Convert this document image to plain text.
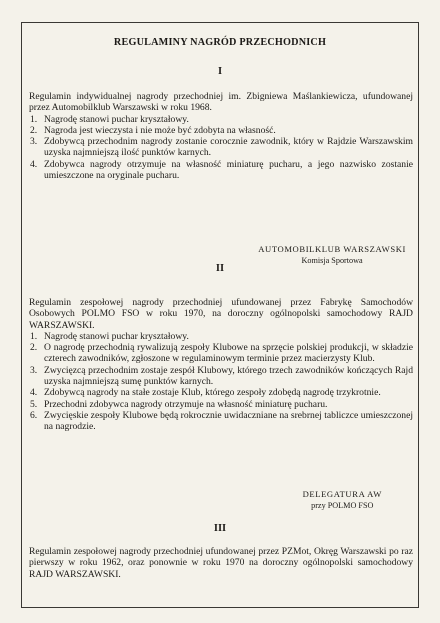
REGULAMINY NAGRÓD PRZECHODNICH
I

Regulamin indywidualnej nagrody przechodniej im. Zbigniewa Maślankiewicza, ufundowanej przez Automobilklub Warszawski w roku 1968.

1. Nagrodę stanowi puchar kryształowy.
2. Nagroda jest wieczysta i nie może być zdobyta na własność.
3. Zdobywcą przechodnim nagrody zostanie corocznie zawodnik, który w Rajdzie Warszawskim uzyska najmniejszą ilość punktów karnych.
4. Zdobywca nagrody otrzymuje na własność miniaturę pucharu, a jego nazwisko zostanie umieszczone na oryginale pucharu.
AUTOMOBILKLUB WARSZAWSKI
Komisja Sportowa
II

Regulamin zespołowej nagrody przechodniej ufundowanej przez Fabrykę Samochodów Osobowych POLMO FSO w roku 1970, na doroczny ogólnopolski samochodowy RAJD WARSZAWSKI.

1. Nagrodę stanowi puchar kryształowy.
2. O nagrodę przechodnią rywalizują zespoły Klubowe na sprzęcie polskiej produkcji, w składzie czterech zawodników, zgłoszone w regulaminowym terminie przez macierzysty Klub.
3. Zwycięzcą przechodnim zostaje zespół Klubowy, którego trzech zawodników kończących Rajd uzyska najmniejszą sumę punktów karnych.
4. Zdobywcą nagrody na stałe zostaje Klub, którego zespoły zdobędą nagrodę trzykrotnie.
5. Przechodni zdobywca nagrody otrzymuje na własność miniaturę pucharu.
6. Zwycięskie zespoły Klubowe będą rokrocznie uwidaczniane na srebrnej tabliczce umieszczonej na nagrodzie.
DELEGATURA AW
przy POLMO FSO
III

Regulamin zespołowej nagrody przechodniej ufundowanej przez PZMot, Okręg Warszawski po raz pierwszy w roku 1962, oraz ponownie w roku 1970 na doroczny ogólnopolski samochodowy RAJD WARSZAWSKI.
